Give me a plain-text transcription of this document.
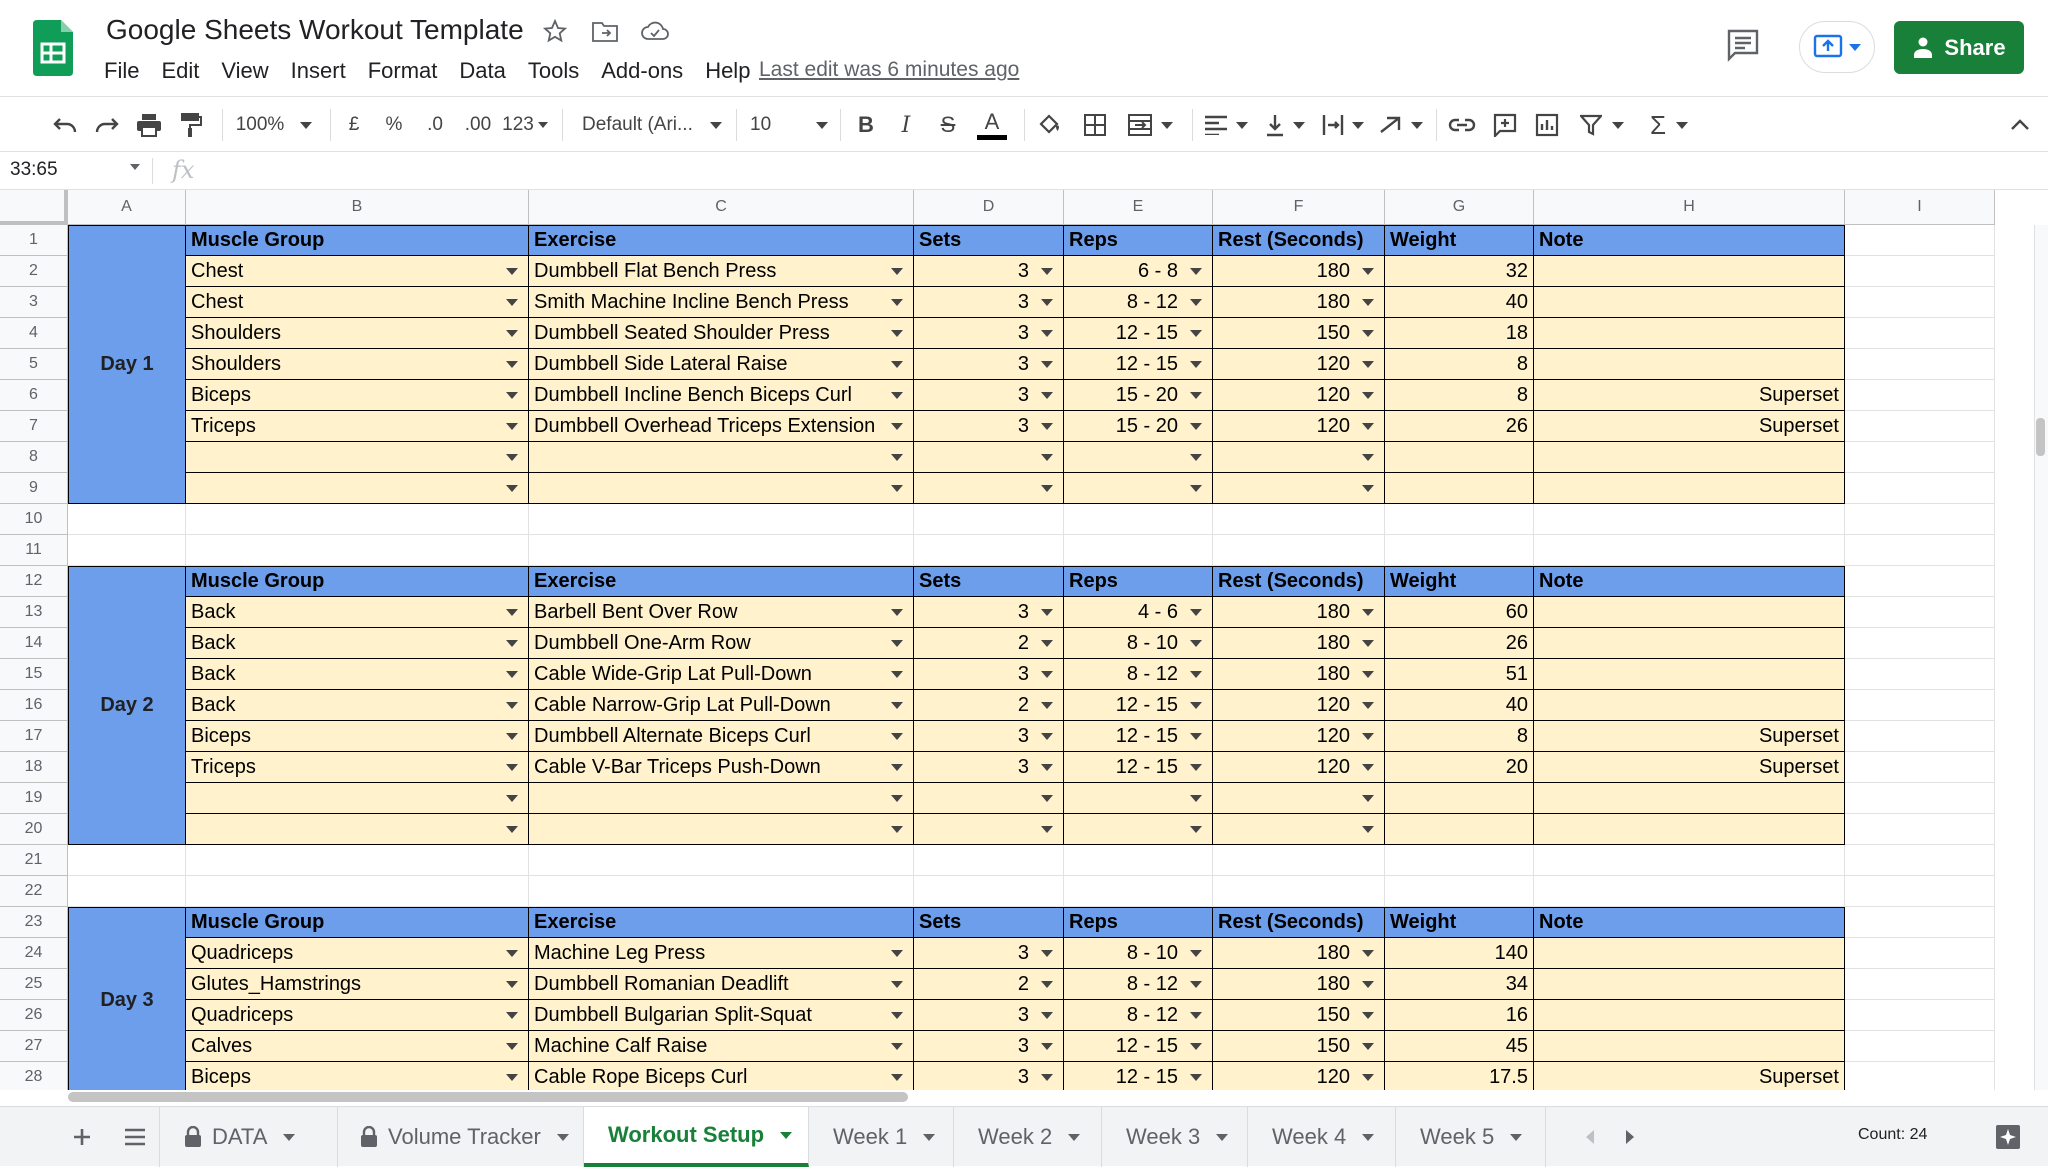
Google Sheets Workout Template
File	Edit	View	Insert	Format	Data	Tools	Add-ons	Help Last edit was 6 minutes ago
Share
100%	£	%	.0	.00 123	Default (Ari...	10	B	I	S	A	Σ
33:65	fx
A	B	C	D	E	F	G	H	I
1
2
3
4
5
6
7
8
9
10
11
12
13
14
15
16
17
18
19
20
21
22
23
24
25
26
27
28
Day 1
Muscle Group	Exercise	Sets	Reps	Rest (Seconds)	Weight	Note
Chest	Dumbbell Flat Bench Press	3	6 - 8	180	32
Chest	Smith Machine Incline Bench Press	3	8 - 12	180	40
Shoulders	Dumbbell Seated Shoulder Press	3	12 - 15	150	18
Shoulders	Dumbbell Side Lateral Raise	3	12 - 15	120	8
Biceps	Dumbbell Incline Bench Biceps Curl	3	15 - 20	120	8	Superset
Triceps	Dumbbell Overhead Triceps Extension	3	15 - 20	120	26	Superset
Day 2
Muscle Group	Exercise	Sets	Reps	Rest (Seconds)	Weight	Note
Back	Barbell Bent Over Row	3	4 - 6	180	60
Back	Dumbbell One-Arm Row	2	8 - 10	180	26
Back	Cable Wide-Grip Lat Pull-Down	3	8 - 12	180	51
Back	Cable Narrow-Grip Lat Pull-Down	2	12 - 15	120	40
Biceps	Dumbbell Alternate Biceps Curl	3	12 - 15	120	8	Superset
Triceps	Cable V-Bar Triceps Push-Down	3	12 - 15	120	20	Superset
Day 3
Muscle Group	Exercise	Sets	Reps	Rest (Seconds)	Weight	Note
Quadriceps	Machine Leg Press	3	8 - 10	180	140
Glutes_Hamstrings	Dumbbell Romanian Deadlift	2	8 - 12	180	34
Quadriceps	Dumbbell Bulgarian Split-Squat	3	8 - 12	150	16
Calves	Machine Calf Raise	3	12 - 15	150	45
Biceps	Cable Rope Biceps Curl	3	12 - 15	120	17.5	Superset
DATA	Volume Tracker	Workout Setup	Week 1	Week 2	Week 3	Week 4	Week 5	Count: 24
